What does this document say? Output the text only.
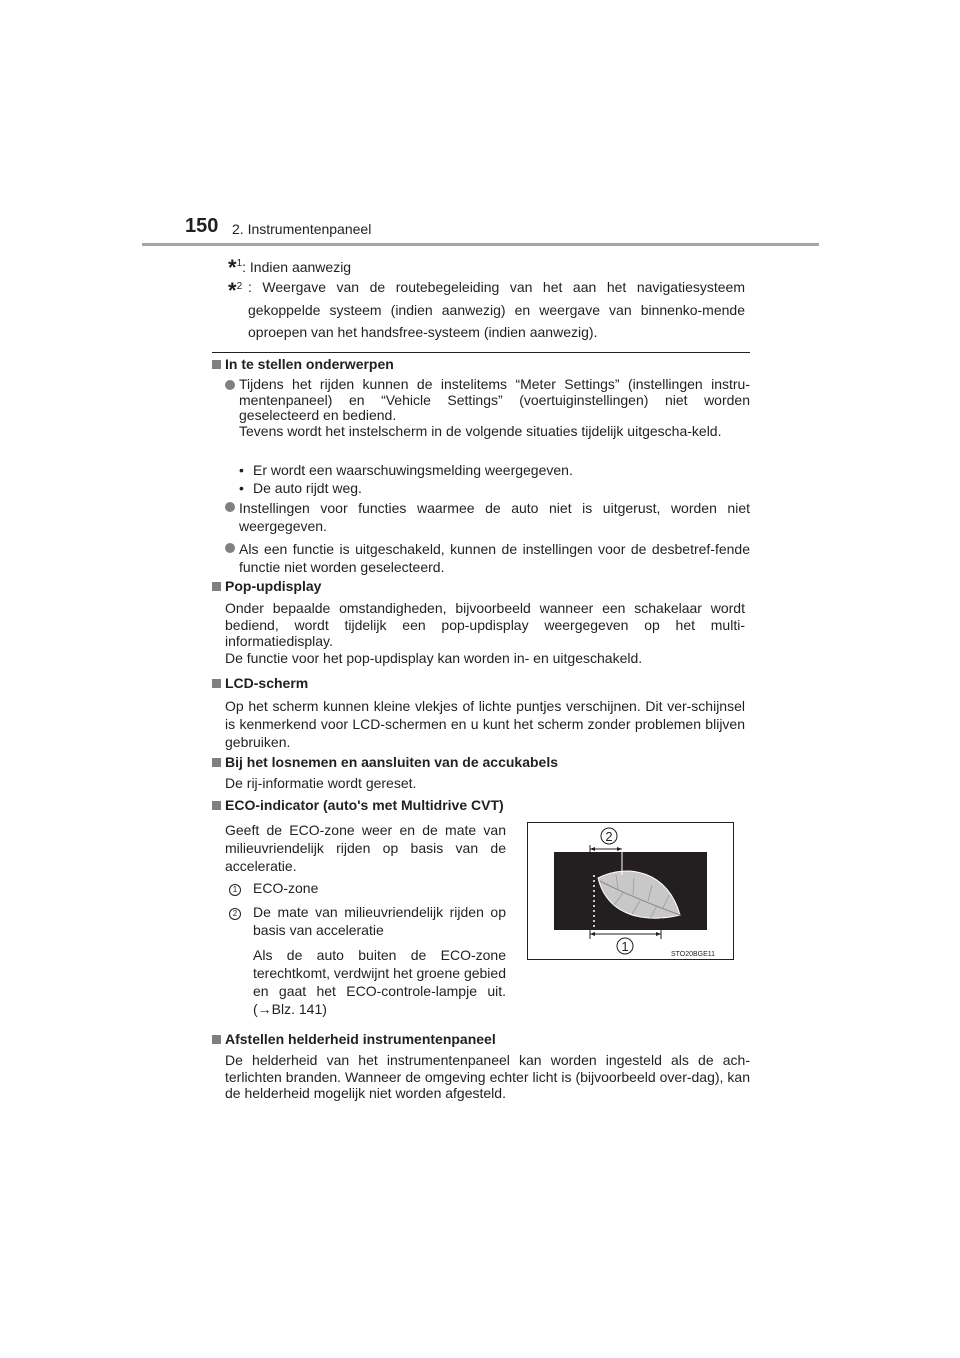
150 2. Instrumentenpaneel
*$^1$: Indien aanwezig
*$^2$ : Weergave van de routebegeleiding van het aan het navigatiesysteem gekoppelde systeem (indien aanwezig) en weergave van binnenko-mende oproepen van het handsfree-systeem (indien aanwezig).

In te stellen onderwerpen

Tijdens het rijden kunnen de instelitems “Meter Settings” (instellingen instru-mentenpaneel) en “Vehicle Settings” (voertuiginstellingen) niet worden geselecteerd en bediend.

Tevens wordt het instelscherm in de volgende situaties tijdelijk uitgescha-keld.

• Er wordt een waarschuwingsmelding weergegeven.

• De auto rijdt weg.

Instellingen voor functies waarmee de auto niet is uitgerust, worden niet weergegeven.

Als een functie is uitgeschakeld, kunnen de instellingen voor de desbetref-fende functie niet worden geselecteerd.

Pop-updisplay

Onder bepaalde omstandigheden, bijvoorbeeld wanneer een schakelaar wordt bediend, wordt tijdelijk een pop-updisplay weergegeven op het multi-informatiedisplay.

De functie voor het pop-updisplay kan worden in- en uitgeschakeld.

LCD-scherm

Op het scherm kunnen kleine vlekjes of lichte puntjes verschijnen. Dit ver-schijnsel is kenmerkend voor LCD-schermen en u kunt het scherm zonder problemen blijven gebruiken.

Bij het losnemen en aansluiten van de accukabels

De rij-informatie wordt gereset.

ECO-indicator (auto's met Multidrive CVT)

Geeft de ECO-zone weer en de mate van milieuvriendelijk rijden op basis van de acceleratie.

1 ECO-zone
2 De mate van milieuvriendelijk rijden op basis van acceleratie

Als de auto buiten de ECO-zone terechtkomt, verdwijnt het groene gebied en gaat het ECO-controle-lampje uit. (→Blz. 141)

2
1
STO20BGE11

Afstellen helderheid instrumentenpaneel

De helderheid van het instrumentenpaneel kan worden ingesteld als de ach-terlichten branden. Wanneer de omgeving echter licht is (bijvoorbeeld over-dag), kan de helderheid mogelijk niet worden afgesteld.
